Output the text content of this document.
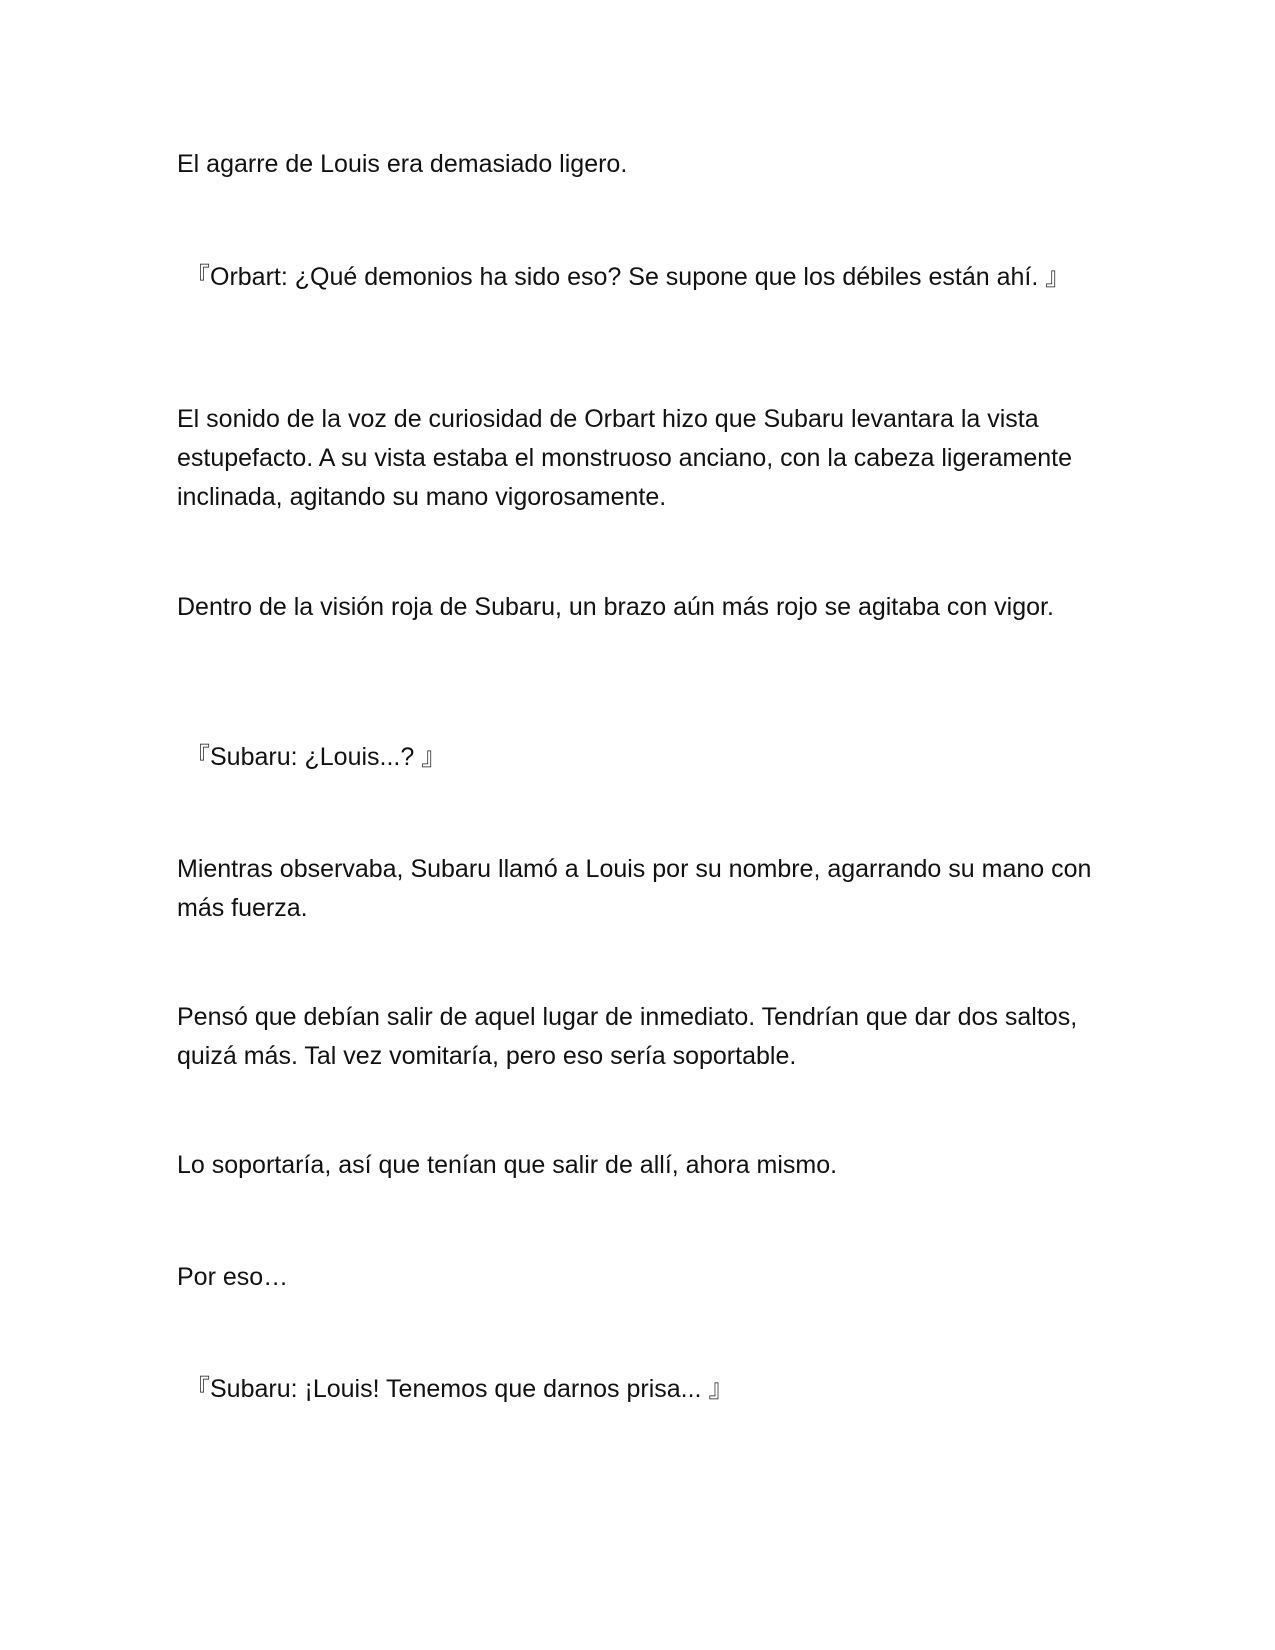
El agarre de Louis era demasiado ligero.

『Orbart: ¿Qué demonios ha sido eso? Se supone que los débiles están ahí. 』

El sonido de la voz de curiosidad de Orbart hizo que Subaru levantara la vista estupefacto. A su vista estaba el monstruoso anciano, con la cabeza ligeramente inclinada, agitando su mano vigorosamente.

Dentro de la visión roja de Subaru, un brazo aún más rojo se agitaba con vigor.

『Subaru: ¿Louis...? 』

Mientras observaba, Subaru llamó a Louis por su nombre, agarrando su mano con más fuerza.

Pensó que debían salir de aquel lugar de inmediato. Tendrían que dar dos saltos, quizá más. Tal vez vomitaría, pero eso sería soportable.

Lo soportaría, así que tenían que salir de allí, ahora mismo.

Por eso…

『Subaru: ¡Louis! Tenemos que darnos prisa... 』
